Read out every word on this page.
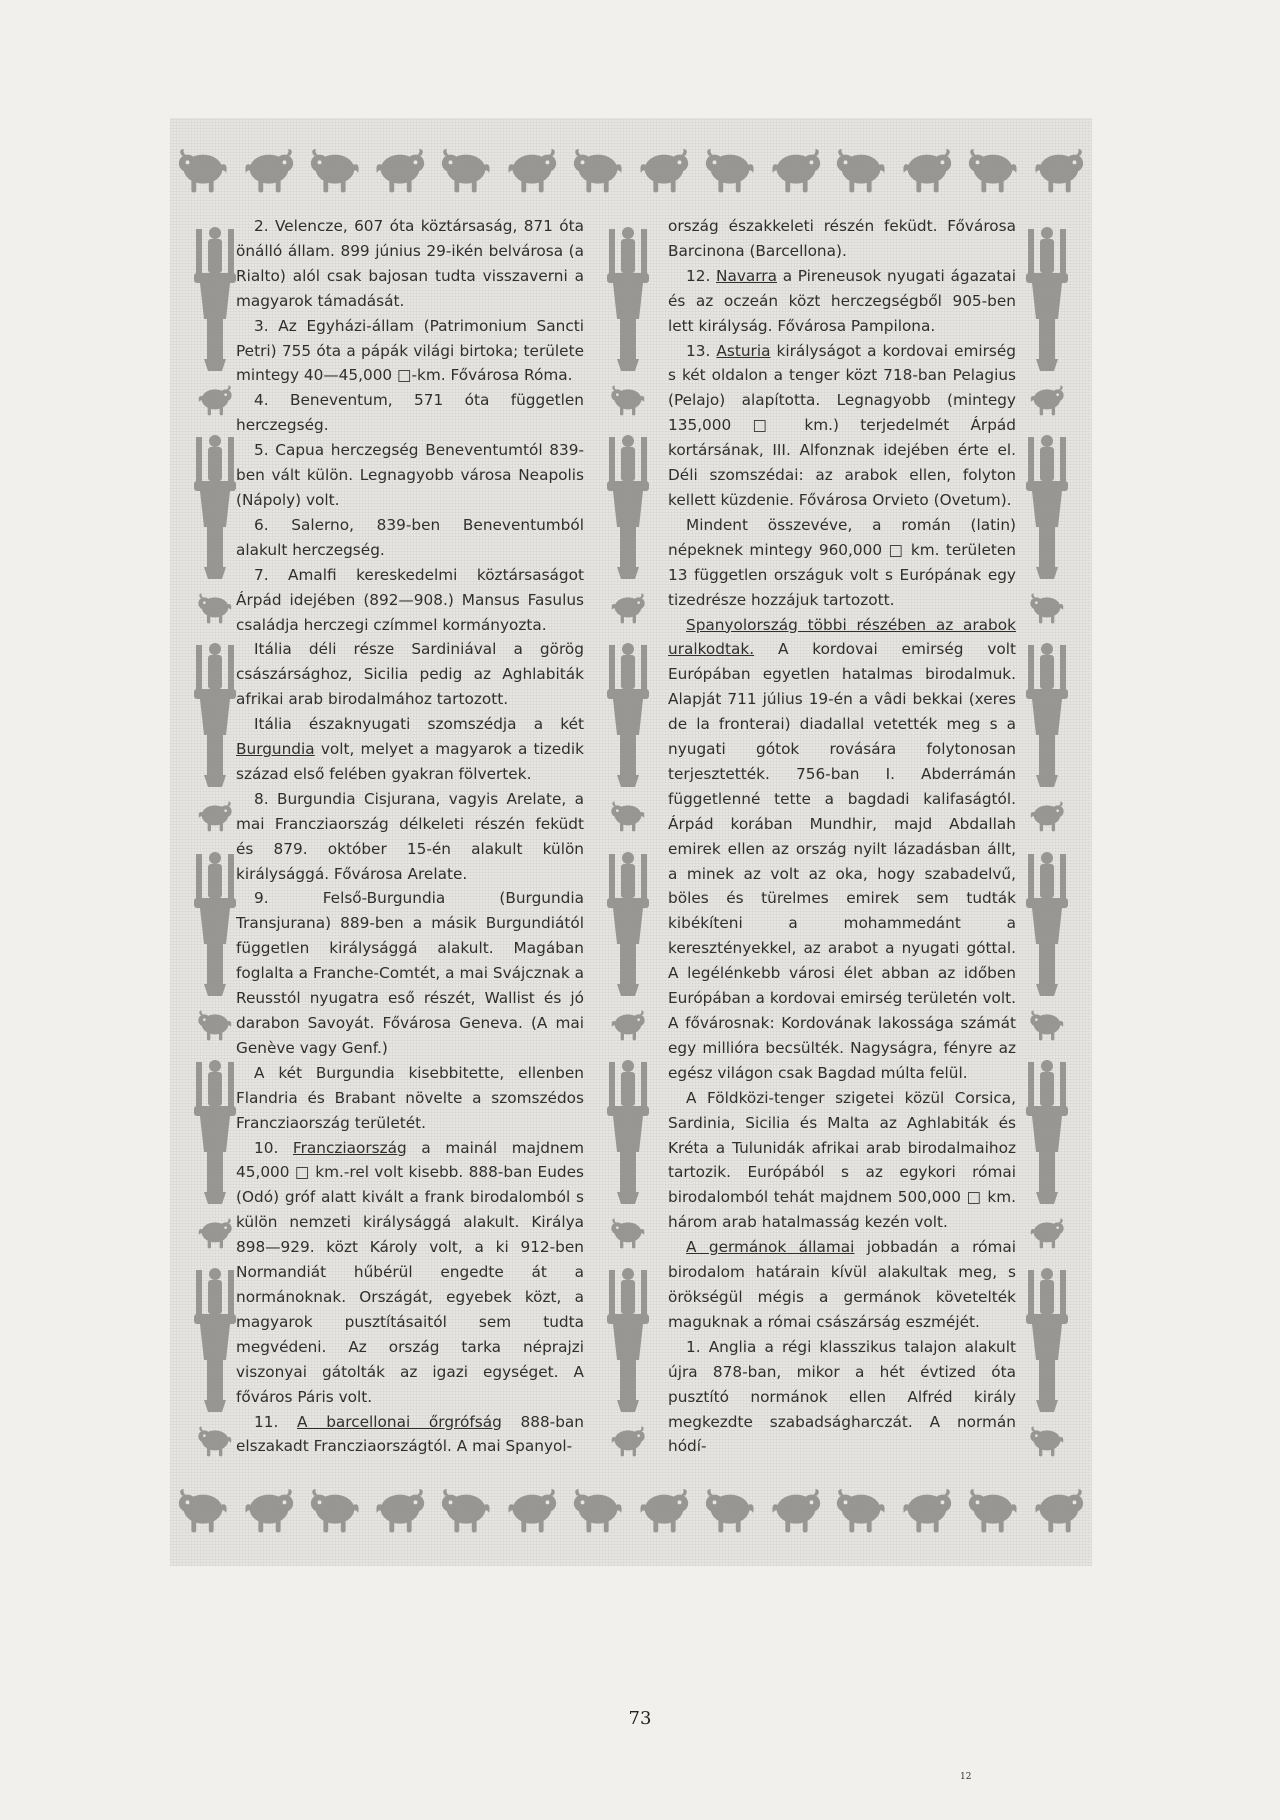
2. Velencze, 607 óta köztársaság, 871 óta önálló állam. 899 június 29-ikén belvárosa (a Rialto) alól csak bajosan tudta visszaverni a magyarok támadását.

3. Az Egyházi-állam (Patrimonium Sancti Petri) 755 óta a pápák világi birtoka; területe mintegy 40—45,000 □-km. Fővárosa Róma.

4. Beneventum, 571 óta független herczegség.

5. Capua herczegség Beneventumtól 839-ben vált külön. Legnagyobb városa Neapolis (Nápoly) volt.

6. Salerno, 839-ben Beneventumból alakult herczegség.

7. Amalfi kereskedelmi köztársaságot Árpád idejében (892—908.) Mansus Fasulus családja herczegi czímmel kormányozta.

Itália déli része Sardiniával a görög császársághoz, Sicilia pedig az Aghlabiták afrikai arab birodalmához tartozott.

Itália északnyugati szomszédja a két Burgundia volt, melyet a magyarok a tizedik század első felében gyakran fölvertek.

8. Burgundia Cisjurana, vagyis Arelate, a mai Francziaország délkeleti részén feküdt és 879. október 15-én alakult külön királysággá. Fővárosa Arelate.

9. Felső-Burgundia (Burgundia Transjurana) 889-ben a másik Burgundiától független királysággá alakult. Magában foglalta a Franche-Comtét, a mai Svájcznak a Reusstól nyugatra eső részét, Wallist és jó darabon Savoyát. Fővárosa Geneva. (A mai Genève vagy Genf.)

A két Burgundia kisebbitette, ellenben Flandria és Brabant növelte a szomszédos Francziaország területét.

10. Francziaország a mainál majdnem 45,000 □ km.-rel volt kisebb. 888-ban Eudes (Odó) gróf alatt kivált a frank birodalomból s külön nemzeti királysággá alakult. Királya 898—929. közt Károly volt, a ki 912-ben Normandiát hűbérül engedte át a normánoknak. Országát, egyebek közt, a magyarok pusztításaitól sem tudta megvédeni. Az ország tarka néprajzi viszonyai gátolták az igazi egységet. A főváros Páris volt.

11. A barcellonai őrgrófság 888-ban elszakadt Francziaországtól. A mai Spanyol-

ország északkeleti részén feküdt. Fővárosa Barcinona (Barcellona).

12. Navarra a Pireneusok nyugati ágazatai és az oczeán közt herczegségből 905-ben lett királyság. Fővárosa Pampilona.

13. Asturia királyságot a kordovai emirség s két oldalon a tenger közt 718-ban Pelagius (Pelajo) alapította. Legnagyobb (mintegy 135,000 □ km.) terjedelmét Árpád kortársának, III. Alfonznak idejében érte el. Déli szomszédai: az arabok ellen, folyton kellett küzdenie. Fővárosa Orvieto (Ovetum).

Mindent összevéve, a román (latin) népeknek mintegy 960,000 □ km. területen 13 független országuk volt s Európának egy tizedrésze hozzájuk tartozott.

Spanyolország többi részében az arabok uralkodtak. A kordovai emirség volt Európában egyetlen hatalmas birodalmuk. Alapját 711 július 19-én a vâdi bekkai (xeres de la fronterai) diadallal vetették meg s a nyugati gótok rovására folytonosan terjesztették. 756-ban I. Abderrámán függetlenné tette a bagdadi kalifaságtól. Árpád korában Mundhir, majd Abdallah emirek ellen az ország nyilt lázadásban állt, a minek az volt az oka, hogy szabadelvű, böles és türelmes emirek sem tudták kibékíteni a mohammedánt a keresztényekkel, az arabot a nyugati góttal. A legélénkebb városi élet abban az időben Európában a kordovai emirség területén volt. A fővárosnak: Kordovának lakossága számát egy millióra becsülték. Nagyságra, fényre az egész világon csak Bagdad múlta felül.

A Földközi-tenger szigetei közül Corsica, Sardinia, Sicilia és Malta az Aghlabiták és Kréta a Tulunidák afrikai arab birodalmaihoz tartozik. Európából s az egykori római birodalomból tehát majdnem 500,000 □ km. három arab hatalmasság kezén volt.

A germánok államai jobbadán a római birodalom határain kívül alakultak meg, s örökségül mégis a germánok követelték maguknak a római császárság eszméjét.

1. Anglia a régi klasszikus talajon alakult újra 878-ban, mikor a hét évtized óta pusztító normánok ellen Alfréd király megkezdte szabadságharczát. A normán hódí-

73
12
